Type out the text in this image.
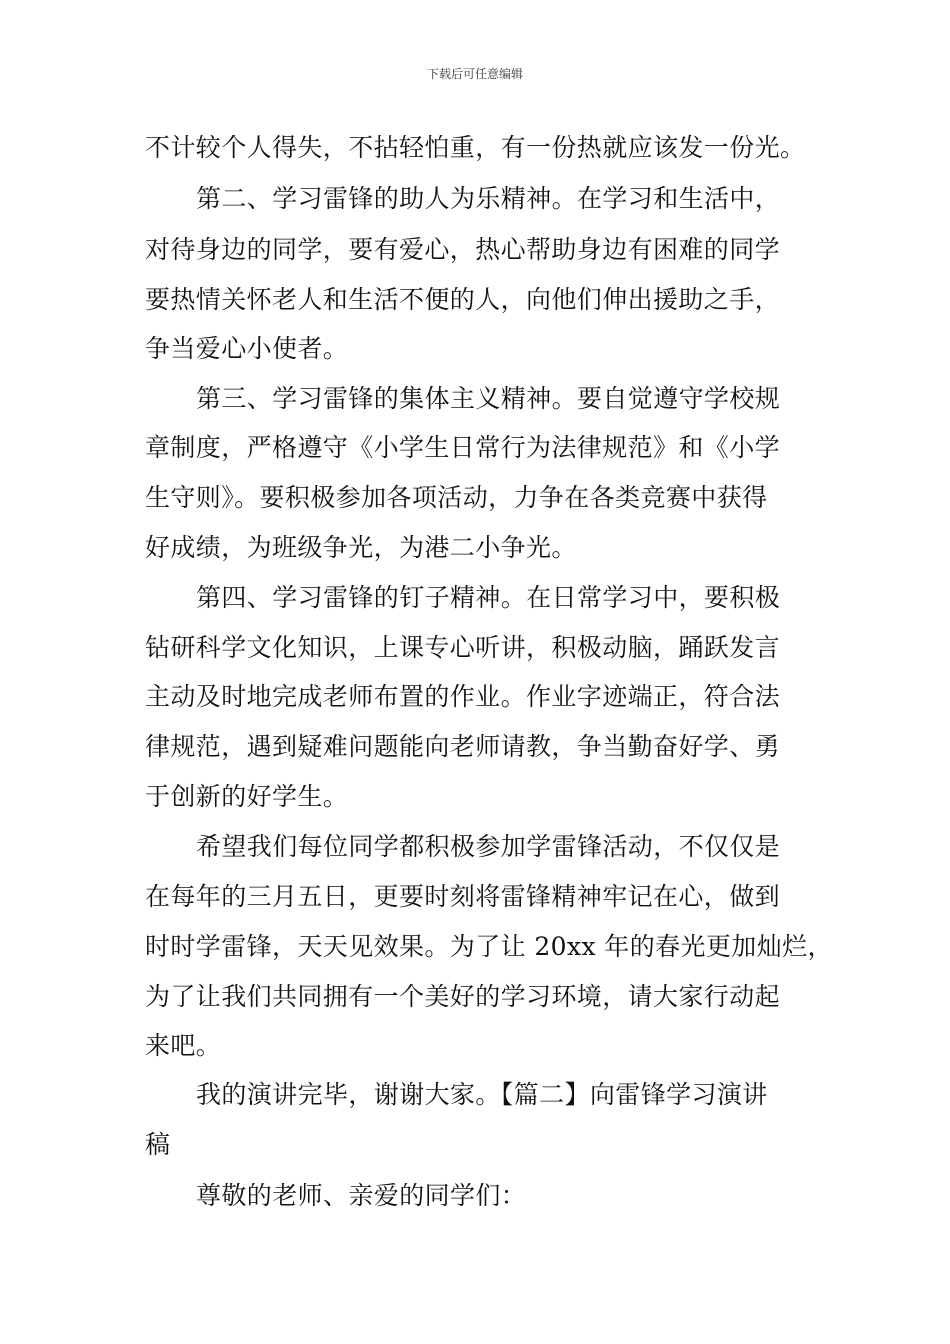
下载后可任意编辑
不计较个人得失，不拈轻怕重，有一份热就应该发一份光。
第二、学习雷锋的助人为乐精神。在学习和生活中，
对待身边的同学，要有爱心，热心帮助身边有困难的同学
要热情关怀老人和生活不便的人，向他们伸出援助之手，
争当爱心小使者。
第三、学习雷锋的集体主义精神。要自觉遵守学校规
章制度，严格遵守《小学生日常行为法律规范》和《小学
生守则》。要积极参加各项活动，力争在各类竞赛中获得
好成绩，为班级争光，为港二小争光。
第四、学习雷锋的钉子精神。在日常学习中，要积极
钻研科学文化知识，上课专心听讲，积极动脑，踊跃发言
主动及时地完成老师布置的作业。作业字迹端正，符合法
律规范，遇到疑难问题能向老师请教，争当勤奋好学、勇
于创新的好学生。
希望我们每位同学都积极参加学雷锋活动，不仅仅是
在每年的三月五日，更要时刻将雷锋精神牢记在心，做到
时时学雷锋，天天见效果。为了让 20xx 年的春光更加灿烂，
为了让我们共同拥有一个美好的学习环境，请大家行动起
来吧。
我的演讲完毕，谢谢大家。【篇二】向雷锋学习演讲
稿
尊敬的老师、亲爱的同学们：
